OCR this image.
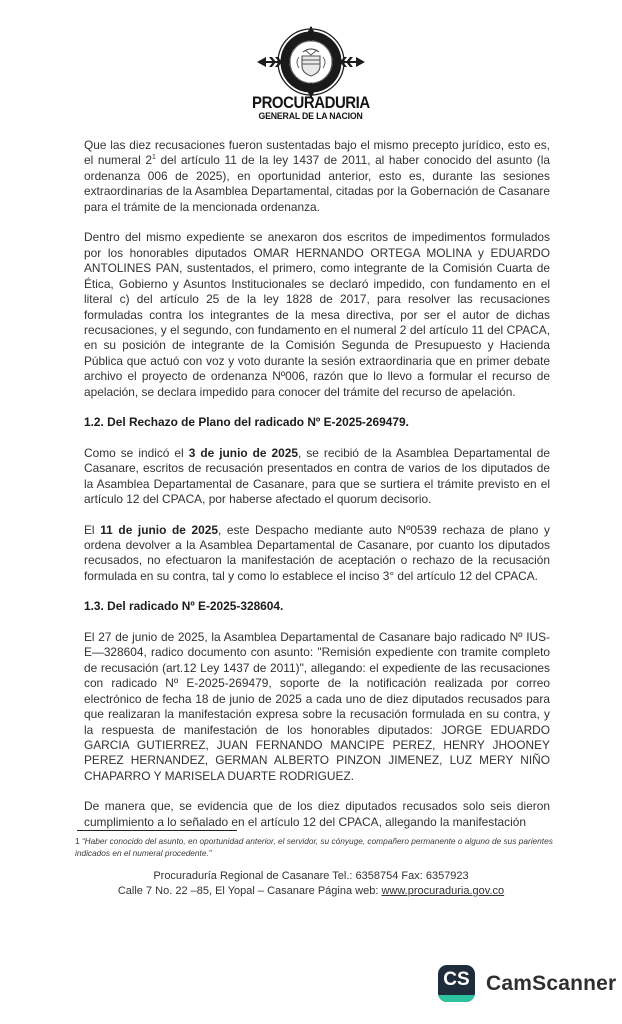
PROCURADURIA
GENERAL DE LA NACION
Que las diez recusaciones fueron sustentadas bajo el mismo precepto jurídico, esto es, el numeral $2^1$ del artículo 11 de la ley 1437 de 2011, al haber conocido del asunto (la ordenanza 006 de 2025), en oportunidad anterior, esto es, durante las sesiones extraordinarias de la Asamblea Departamental, citadas por la Gobernación de Casanare para el trámite de la mencionada ordenanza.
Dentro del mismo expediente se anexaron dos escritos de impedimentos formulados por los honorables diputados OMAR HERNANDO ORTEGA MOLINA y EDUARDO ANTOLINES PAN, sustentados, el primero, como integrante de la Comisión Cuarta de Ética, Gobierno y Asuntos Institucionales se declaró impedido, con fundamento en el literal c) del artículo 25 de la ley 1828 de 2017, para resolver las recusaciones formuladas contra los integrantes de la mesa directiva, por ser el autor de dichas recusaciones, y el segundo, con fundamento en el numeral 2 del artículo 11 del CPACA, en su posición de integrante de la Comisión Segunda de Presupuesto y Hacienda Pública que actuó con voz y voto durante la sesión extraordinaria que en primer debate archivo el proyecto de ordenanza Nº006, razón que lo llevo a formular el recurso de apelación, se declara impedido para conocer del trámite del recurso de apelación.
1.2. Del Rechazo de Plano del radicado Nº E-2025-269479.
Como se indicó el 3 de junio de 2025, se recibió de la Asamblea Departamental de Casanare, escritos de recusación presentados en contra de varios de los diputados de la Asamblea Departamental de Casanare, para que se surtiera el trámite previsto en el artículo 12 del CPACA, por haberse afectado el quorum decisorio.
El 11 de junio de 2025, este Despacho mediante auto Nº0539 rechaza de plano y ordena devolver a la Asamblea Departamental de Casanare, por cuanto los diputados recusados, no efectuaron la manifestación de aceptación o rechazo de la recusación formulada en su contra, tal y como lo establece el inciso 3° del artículo 12 del CPACA.
1.3. Del radicado Nº E-2025-328604.
El 27 de junio de 2025, la Asamblea Departamental de Casanare bajo radicado Nº IUS-E—328604, radico documento con asunto: "Remisión expediente con tramite completo de recusación (art.12 Ley 1437 de 2011)", allegando: el expediente de las recusaciones con radicado Nº E-2025-269479, soporte de la notificación realizada por correo electrónico de fecha 18 de junio de 2025 a cada uno de diez diputados recusados para que realizaran la manifestación expresa sobre la recusación formulada en su contra, y la respuesta de manifestación de los honorables diputados: JORGE EDUARDO GARCIA GUTIERREZ, JUAN FERNANDO MANCIPE PEREZ, HENRY JHOONEY PEREZ HERNANDEZ, GERMAN ALBERTO PINZON JIMENEZ, LUZ MERY NIÑO CHAPARRO Y MARISELA DUARTE RODRIGUEZ.
De manera que, se evidencia que de los diez diputados recusados solo seis dieron cumplimiento a lo señalado en el artículo 12 del CPACA, allegando la manifestación
1 “Haber conocido del asunto, en oportunidad anterior, el servidor, su cónyuge, compañero permanente o alguno de sus parientes indicados en el numeral procedente.”
Procuraduría Regional de Casanare Tel.: 6358754 Fax: 6357923
Calle 7 No. 22 –85, El Yopal – Casanare Página web: www.procuraduria.gov.co
CS CamScanner
